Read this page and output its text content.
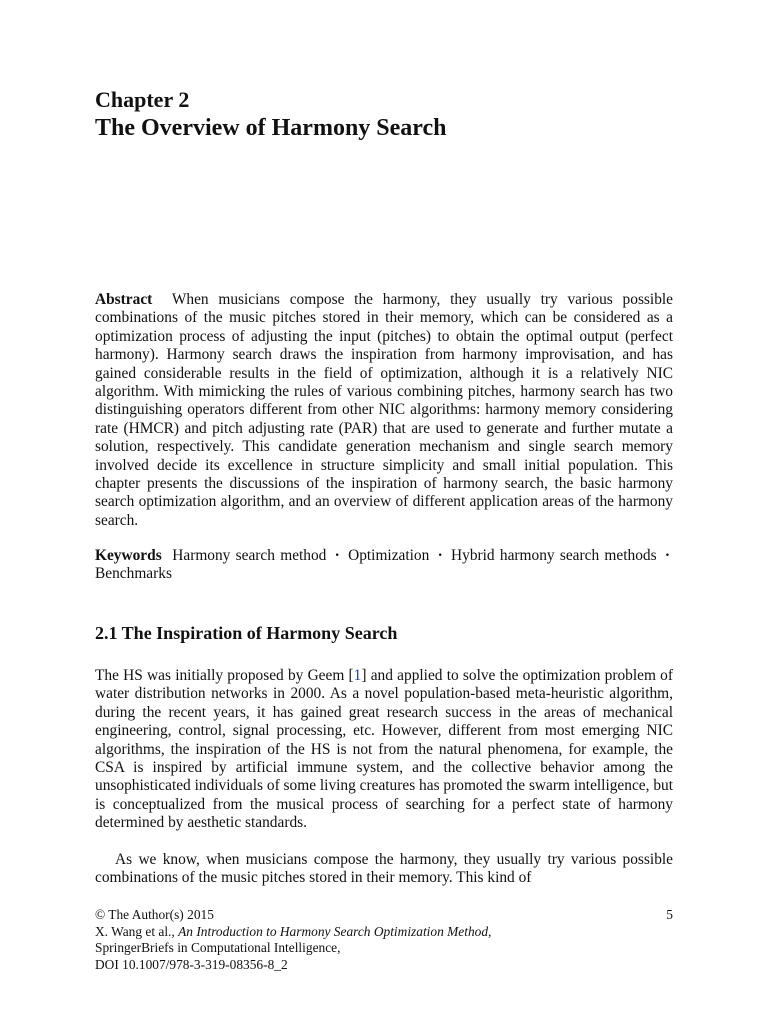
Chapter 2
The Overview of Harmony Search

Abstract When musicians compose the harmony, they usually try various possible combinations of the music pitches stored in their memory, which can be considered as a optimization process of adjusting the input (pitches) to obtain the optimal output (perfect harmony). Harmony search draws the inspiration from harmony improvisation, and has gained considerable results in the field of optimization, although it is a relatively NIC algorithm. With mimicking the rules of various combining pitches, harmony search has two distinguishing operators different from other NIC algorithms: harmony memory considering rate (HMCR) and pitch adjusting rate (PAR) that are used to generate and further mutate a solution, respectively. This candidate generation mechanism and single search memory involved decide its excellence in structure simplicity and small initial population. This chapter presents the discussions of the inspiration of harmony search, the basic harmony search optimization algorithm, and an overview of different application areas of the harmony search.

Keywords Harmony search method · Optimization · Hybrid harmony search methods · Benchmarks

2.1 The Inspiration of Harmony Search

The HS was initially proposed by Geem [1] and applied to solve the optimization problem of water distribution networks in 2000. As a novel population-based meta-heuristic algorithm, during the recent years, it has gained great research success in the areas of mechanical engineering, control, signal processing, etc. However, different from most emerging NIC algorithms, the inspiration of the HS is not from the natural phenomena, for example, the CSA is inspired by artificial immune system, and the collective behavior among the unsophisticated individuals of some living creatures has promoted the swarm intelligence, but is conceptualized from the musical process of searching for a perfect state of harmony determined by aesthetic standards.

As we know, when musicians compose the harmony, they usually try various possible combinations of the music pitches stored in their memory. This kind of

© The Author(s) 2015
X. Wang et al., An Introduction to Harmony Search Optimization Method,
SpringerBriefs in Computational Intelligence,
DOI 10.1007/978-3-319-08356-8_2
5
